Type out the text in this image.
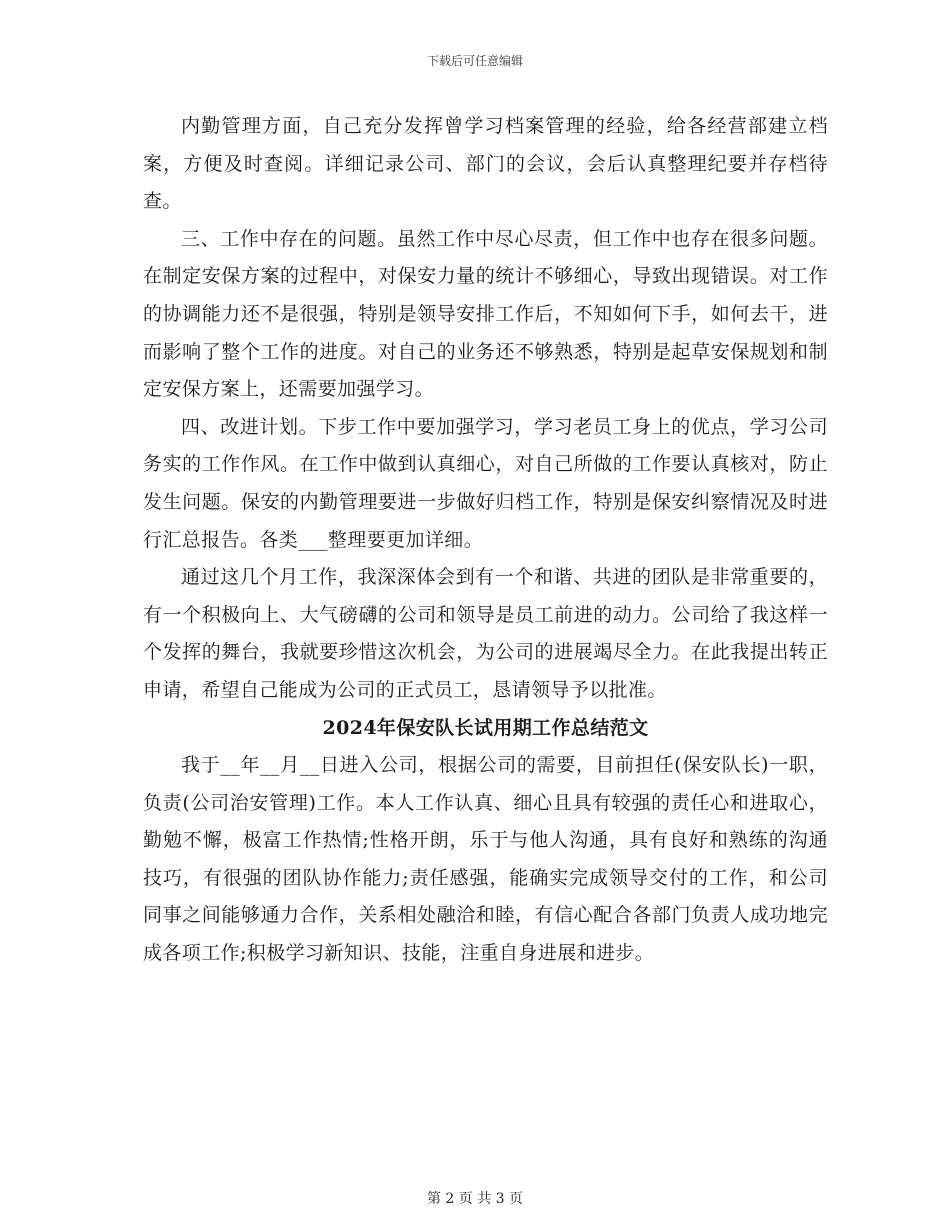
下载后可任意编辑

内勤管理方面，自己充分发挥曾学习档案管理的经验，给各经营部建立档案，方便及时查阅。详细记录公司、部门的会议，会后认真整理纪要并存档待查。

三、工作中存在的问题。虽然工作中尽心尽责，但工作中也存在很多问题。在制定安保方案的过程中，对保安力量的统计不够细心，导致出现错误。对工作的协调能力还不是很强，特别是领导安排工作后，不知如何下手，如何去干，进而影响了整个工作的进度。对自己的业务还不够熟悉，特别是起草安保规划和制定安保方案上，还需要加强学习。

四、改进计划。下步工作中要加强学习，学习老员工身上的优点，学习公司务实的工作作风。在工作中做到认真细心，对自己所做的工作要认真核对，防止发生问题。保安的内勤管理要进一步做好归档工作，特别是保安纠察情况及时进行汇总报告。各类___整理要更加详细。

通过这几个月工作，我深深体会到有一个和谐、共进的团队是非常重要的，有一个积极向上、大气磅礴的公司和领导是员工前进的动力。公司给了我这样一个发挥的舞台，我就要珍惜这次机会，为公司的进展竭尽全力。在此我提出转正申请，希望自己能成为公司的正式员工，恳请领导予以批准。

2024年保安队长试用期工作总结范文

我于__年__月__日进入公司，根据公司的需要，目前担任(保安队长)一职，负责(公司治安管理)工作。本人工作认真、细心且具有较强的责任心和进取心，勤勉不懈，极富工作热情;性格开朗，乐于与他人沟通，具有良好和熟练的沟通技巧，有很强的团队协作能力;责任感强，能确实完成领导交付的工作，和公司同事之间能够通力合作，关系相处融洽和睦，有信心配合各部门负责人成功地完成各项工作;积极学习新知识、技能，注重自身进展和进步。

第 2 页 共 3 页
